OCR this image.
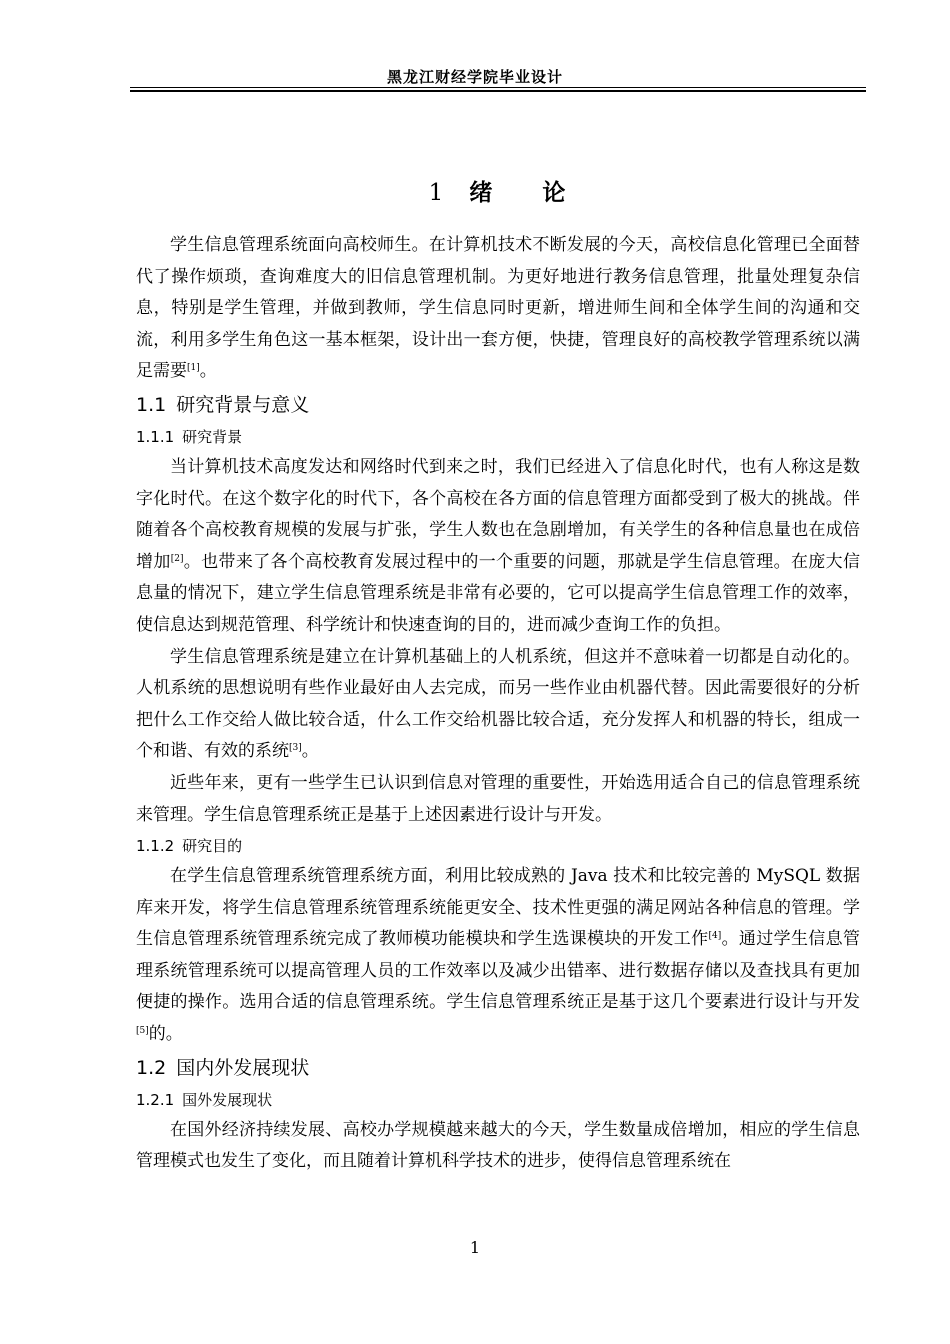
黑龙江财经学院毕业设计
1 绪 论

学生信息管理系统面向高校师生。在计算机技术不断发展的今天，高校信息化管理已全面替代了操作烦琐，查询难度大的旧信息管理机制。为更好地进行教务信息管理，批量处理复杂信息，特别是学生管理，并做到教师，学生信息同时更新，增进师生间和全体学生间的沟通和交流，利用多学生角色这一基本框架，设计出一套方便，快捷，管理良好的高校教学管理系统以满足需要[1]。

1.1 研究背景与意义
1.1.1 研究背景

当计算机技术高度发达和网络时代到来之时，我们已经进入了信息化时代，也有人称这是数字化时代。在这个数字化的时代下，各个高校在各方面的信息管理方面都受到了极大的挑战。伴随着各个高校教育规模的发展与扩张，学生人数也在急剧增加，有关学生的各种信息量也在成倍增加[2]。也带来了各个高校教育发展过程中的一个重要的问题，那就是学生信息管理。在庞大信息量的情况下，建立学生信息管理系统是非常有必要的，它可以提高学生信息管理工作的效率，使信息达到规范管理、科学统计和快速查询的目的，进而减少查询工作的负担。

学生信息管理系统是建立在计算机基础上的人机系统，但这并不意味着一切都是自动化的。人机系统的思想说明有些作业最好由人去完成，而另一些作业由机器代替。因此需要很好的分析把什么工作交给人做比较合适，什么工作交给机器比较合适，充分发挥人和机器的特长，组成一个和谐、有效的系统[3]。

近些年来，更有一些学生已认识到信息对管理的重要性，开始选用适合自己的信息管理系统来管理。学生信息管理系统正是基于上述因素进行设计与开发。

1.1.2 研究目的

在学生信息管理系统管理系统方面，利用比较成熟的 Java 技术和比较完善的 MySQL 数据库来开发，将学生信息管理系统管理系统能更安全、技术性更强的满足网站各种信息的管理。学生信息管理系统管理系统完成了教师模功能模块和学生选课模块的开发工作[4]。通过学生信息管理系统管理系统可以提高管理人员的工作效率以及减少出错率、进行数据存储以及查找具有更加便捷的操作。选用合适的信息管理系统。学生信息管理系统正是基于这几个要素进行设计与开发[5]的。

1.2 国内外发展现状
1.2.1 国外发展现状

在国外经济持续发展、高校办学规模越来越大的今天，学生数量成倍增加，相应的学生信息管理模式也发生了变化，而且随着计算机科学技术的进步，使得信息管理系统在

1
